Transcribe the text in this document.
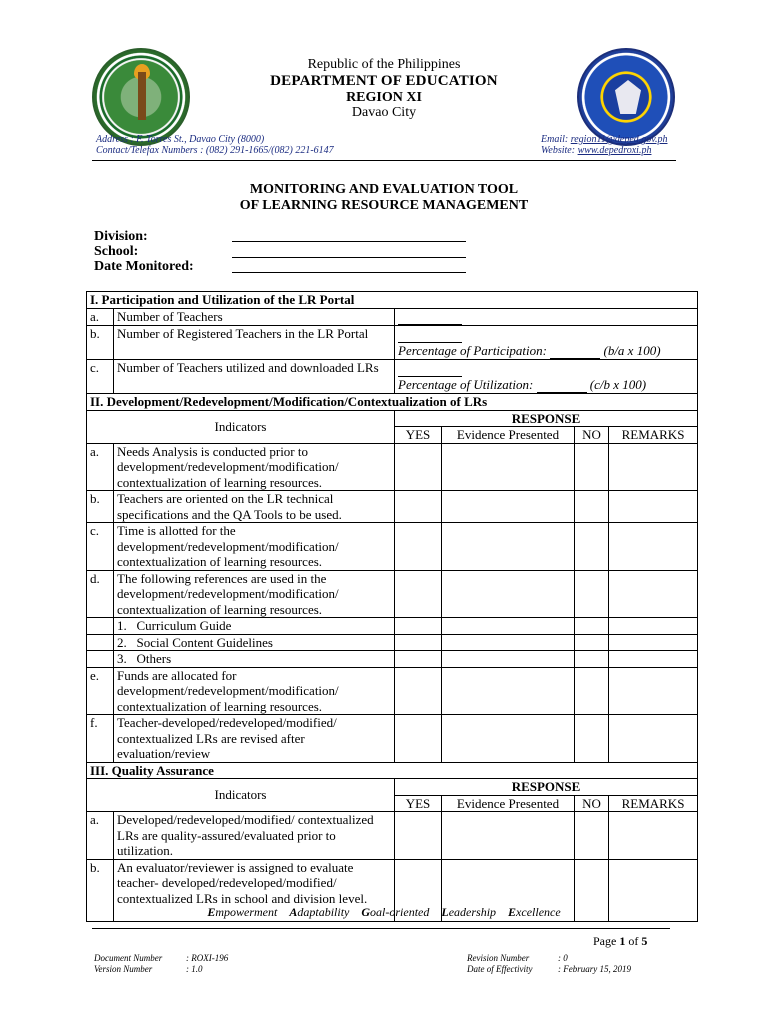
Republic of the Philippines
DEPARTMENT OF EDUCATION
REGION XI
Davao City
Address : F. Torres St., Davao City (8000)
Contact/Telefax Numbers : (082) 291-1665/(082) 221-6147
Email: region11@deped.gov.ph
Website: www.depedroxi.ph
MONITORING AND EVALUATION TOOL
OF LEARNING RESOURCE MANAGEMENT
Division:
School:
Date Monitored:
I. Participation and Utilization of the LR Portal					
a.	Number of Teachers				
b.	Number of Registered Teachers in the LR Portal	Percentage of Participation: (b/a x 100)			
c.	Number of Teachers utilized and downloaded LRs	Percentage of Utilization: (c/b x 100)			
II. Development/Redevelopment/Modification/Contextualization of LRs					
Indicators		RESPONSE			
		YES	Evidence Presented	NO	REMARKS
a.	Needs Analysis is conducted prior to development/redevelopment/modification/ contextualization of learning resources.				
b.	Teachers are oriented on the LR technical specifications and the QA Tools to be used.				
c.	Time is allotted for the development/redevelopment/modification/ contextualization of learning resources.				
d.	The following references are used in the development/redevelopment/modification/ contextualization of learning resources.				
	1. Curriculum Guide				
	2. Social Content Guidelines				
	3. Others				
e.	Funds are allocated for development/redevelopment/modification/ contextualization of learning resources.				
f.	Teacher-developed/redeveloped/modified/ contextualized LRs are revised after evaluation/review				
III. Quality Assurance					
Indicators		RESPONSE			
		YES	Evidence Presented	NO	REMARKS
a.	Developed/redeveloped/modified/ contextualized LRs are quality-assured/evaluated prior to utilization.				
b.	An evaluator/reviewer is assigned to evaluate teacher- developed/redeveloped/modified/ contextualized LRs in school and division level.				
Empowerment Adaptability Goal-oriented Leadership Excellence
Page 1 of 5
Document Number	: ROXI-196
Version Number	: 1.0
Revision Number	: 0
Date of Effectivity	: February 15, 2019
